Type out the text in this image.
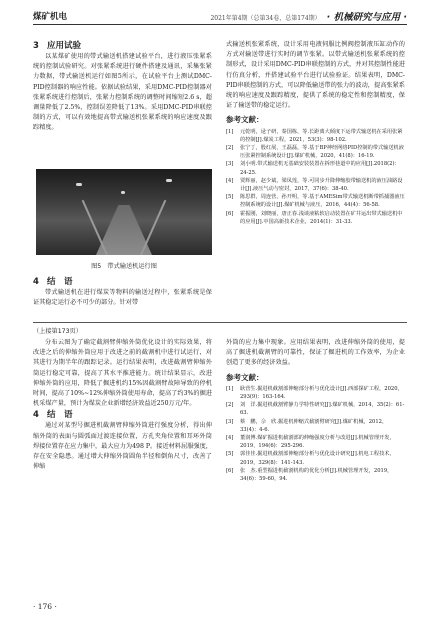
煤矿机电	2021年第4期（总第34卷，总第174期） · 机械研究与应用 ·
3 应用试验

以某煤矿使用的带式输送机搭建试验平台，进行液压张紧系统的控制试验研究。对张紧系统进行硬件搭建及通讯，采集张紧力数据，带式输送机运行如图5所示，在试验平台上测试DMC-PID控制器的响应性能。依据试验结果，采用DMC-PID控制器对张紧系统进行控制后，张紧力控制系统的调整时间缩短2.6 s，超调量降低了2.5%，控制误差降低了13%。采用DMC-PID串联控制的方式，可以有效地提高带式输送机张紧系统的响应速度及跟踪精度。

图5　带式输送机运行图
4 结　语

带式输送机在进行煤炭等物料的输送过程中，张紧系统是保证其稳定运行必不可少的部分。针对带

式输送机张紧系统，设计采用电液伺服比例阀控制液压缸动作的方式对输送带进行实时的调节张紧。以带式输送机张紧系统的控制形式，设计采用DMC-PID串联控制的方式，并对其控制性能进行仿真分析，并搭建试验平台进行试验验证。结果表明，DMC-PID串联控制的方式，可以降低输送带的张力的波动，提高张紧系统的响应速度及跟踪精度，提供了系统的稳定性和控制精度，保证了输送带的稳定运行。

参考文献：
[1] 元乾明，逯子研，秦国栋，等.长距离大倾度下运带式输送机在采用张紧的控制[J].煤炭工程，2021，53(3)：98-102.
[2] 张宁丁，殷红展，王磊磊，等.基于BP神经网络PID控制的带式输送机液压张紧控制系统设计[J].煤矿机械，2020，41(8)：16-19.
[3] 刘小明.带式输送机无基础安装装置在拆形巷道中的应用[J].2018(2)：24-25.
[4] 贾辉丽，赵少斌，梁凤莲，等.可同步升降伸缩胶带输送机的液压油路设计[J].液压气动与密封，2017，37(6)：38-40.
[5] 陈思群，周连营，孙开明，等.基于AMESim带式输送机断带抓捕器液压控制系统的设计[J].煤矿机械与液压，2016，44(4)：56-58.
[6] 霍振刚，刘晓丽，唐正春.浅谈液粘软启动装置在矿井运出带式输送机中的应用[J].中国高新技术企业，2014(1)：31-33.
（上接第173页）

分布云图为了确定截割臂伸缩外筒优化设计的实际效果，将改进之后的伸缩外筒应用于改进之前的截割机中进行试运行，对其进行为期半年的跟踪记录。运行结果表明，改进截割臂伸缩外筒运行稳定可靠，提高了其水平推进能力。统计结果显示，改进伸缩外筒的应用，降低了掘进机约15%因截割臂故障导致的停机时间，提高了10%~12%伸缩外筒使用寿命，提高了约3%的掘进机采煤产量，预计为煤炭企业新增经济效益近250万元/年。

4 结　语

通过对某型号掘进机截割臂伸缩外筒进行强度分析，得出伸缩外筒的表面与圆弧面过渡连接位置，方孔夹角位置和耳环外筒焊接位置存在应力集中，最大应力为498 P。接近材料屈服强度，存在安全隐患。通过增大伸缩外筒圆角半径和倒角尺寸，改善了伸缩

外筒的应力集中现象。应用结果表明，改进伸缩外筒的使用，提高了掘进机截割臂的可靠性，保证了掘进机的工作效率，为企业创造了更多的经济效益。

参考文献：
[1] 耿营生.掘进机截割部伸缩部分析与优化设计[J].西部探矿工程，2020，293(9)：163-164.
[2] 刘　洋.掘进机截割臂静力学特性研究[J].煤矿机械，2014，35(2)：61-63.
[3] 蔡　鹏，佘　欣.掘进机伸缩式截割臂研究[J].煤矿机械，2012，33(4)：4-6.
[4] 董润博.煤矿掘进机截割部的伸缩强度分析与改进[J].机械管理开发，2019，194(6)：295-296.
[5] 郭佳佳.掘进机截割部伸缩部分析与优化设计研究[J].机电工程技术，2019，329(8)：141-143.
[6] 张　杰.重型掘进机截割机构的优化分析[J].机械管理开发，2019，34(6)：59-60，94.
· 176 ·
